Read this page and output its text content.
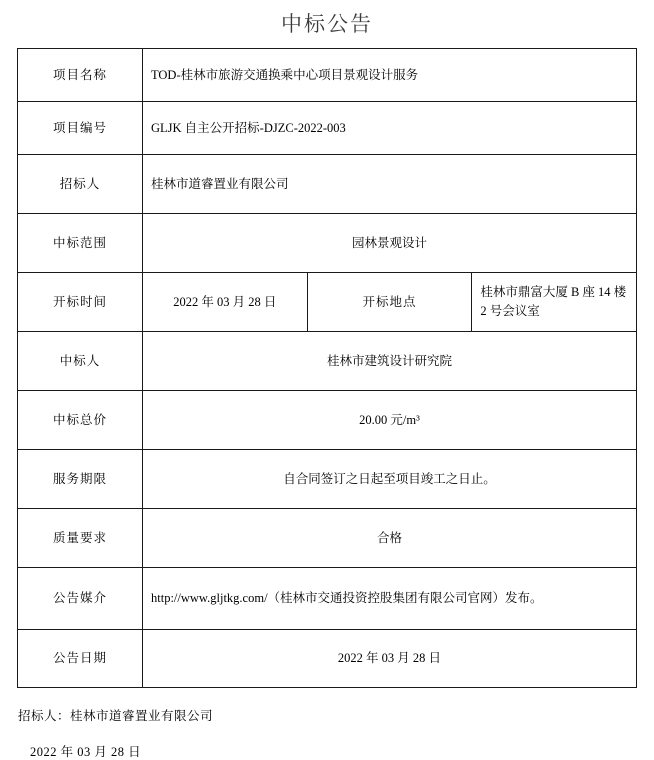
中标公告
项目名称	TOD-桂林市旅游交通换乘中心项目景观设计服务		
项目编号	GLJK 自主公开招标-DJZC-2022-003		
招标人	桂林市道睿置业有限公司		
中标范围	园林景观设计		
开标时间	2022 年 03 月 28 日	开标地点	桂林市鼎富大厦 B 座 14 楼 2 号会议室
中标人	桂林市建筑设计研究院		
中标总价	20.00 元/m³		
服务期限	自合同签订之日起至项目竣工之日止。		
质量要求	合格		
公告媒介	http://www.gljtkg.com/（桂林市交通投资控股集团有限公司官网）发布。		
公告日期	2022 年 03 月 28 日		
招标人：桂林市道睿置业有限公司
2022 年 03 月 28 日
